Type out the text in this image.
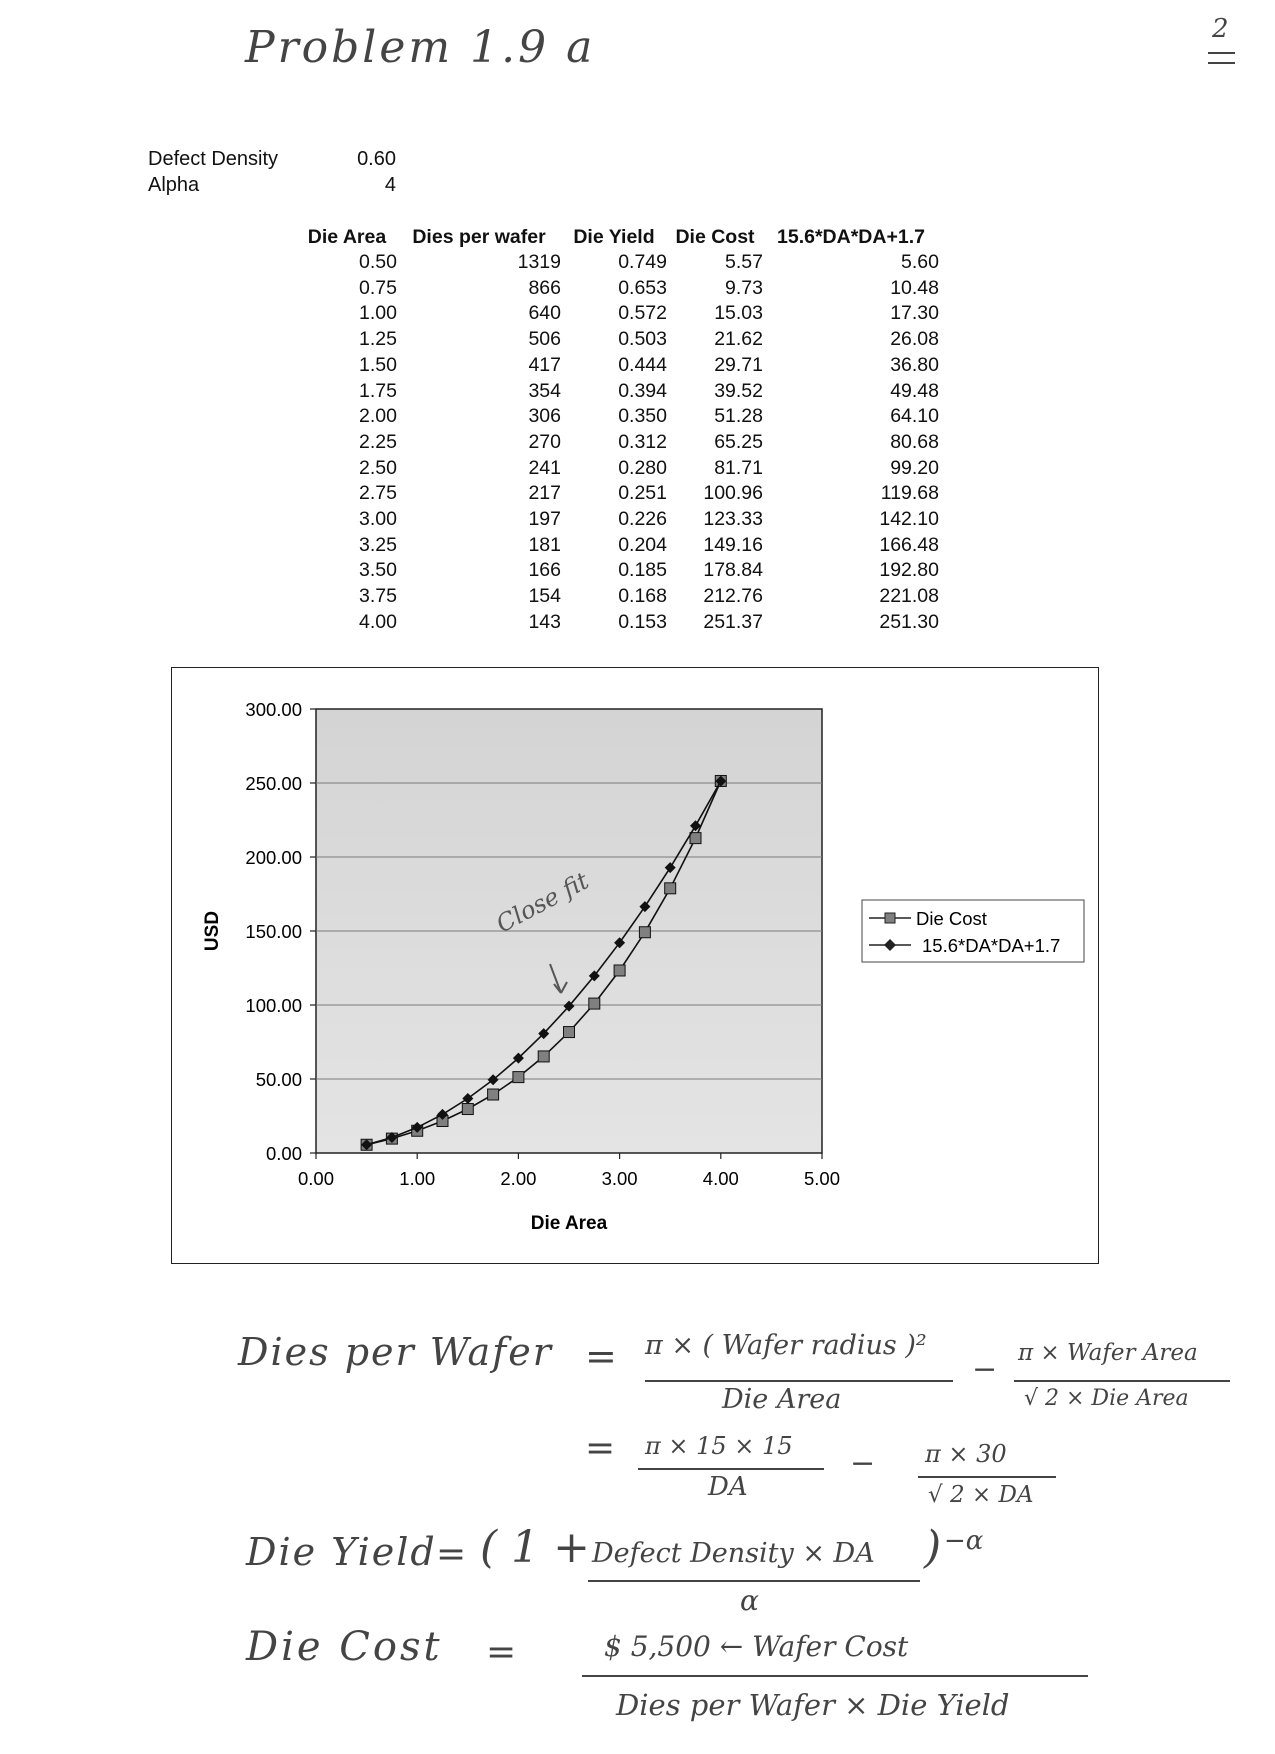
Problem 1.9 a	2
Defect Density	0.60
Alpha	4
Die Area	Dies per wafer	Die Yield	Die Cost	15.6*DA*DA+1.7
0.50	1319	0.749	5.57	5.60
0.75	866	0.653	9.73	10.48
1.00	640	0.572	15.03	17.30
1.25	506	0.503	21.62	26.08
1.50	417	0.444	29.71	36.80
1.75	354	0.394	39.52	49.48
2.00	306	0.350	51.28	64.10
2.25	270	0.312	65.25	80.68
2.50	241	0.280	81.71	99.20
2.75	217	0.251	100.96	119.68
3.00	197	0.226	123.33	142.10
3.25	181	0.204	149.16	166.48
3.50	166	0.185	178.84	192.80
3.75	154	0.168	212.76	221.08
4.00	143	0.153	251.37	251.30
0.00
50.00
100.00
150.00
200.00
250.00
300.00
0.00	1.00	2.00	3.00	4.00	5.00
USD
Die Area
Close fit	Die Cost
15.6*DA*DA+1.7
Dies per Wafer = π × ( Wafer radius )²
Die Area
− π × Wafer Area
√ 2 × Die Area
= π × 15 × 15
DA
− π × 30
√ 2 × DA
Die Yield = ( 1 + Defect Density × DA
α
) −α
Die Cost =	$ 5,500 ← Wafer Cost
Dies per Wafer × Die Yield
